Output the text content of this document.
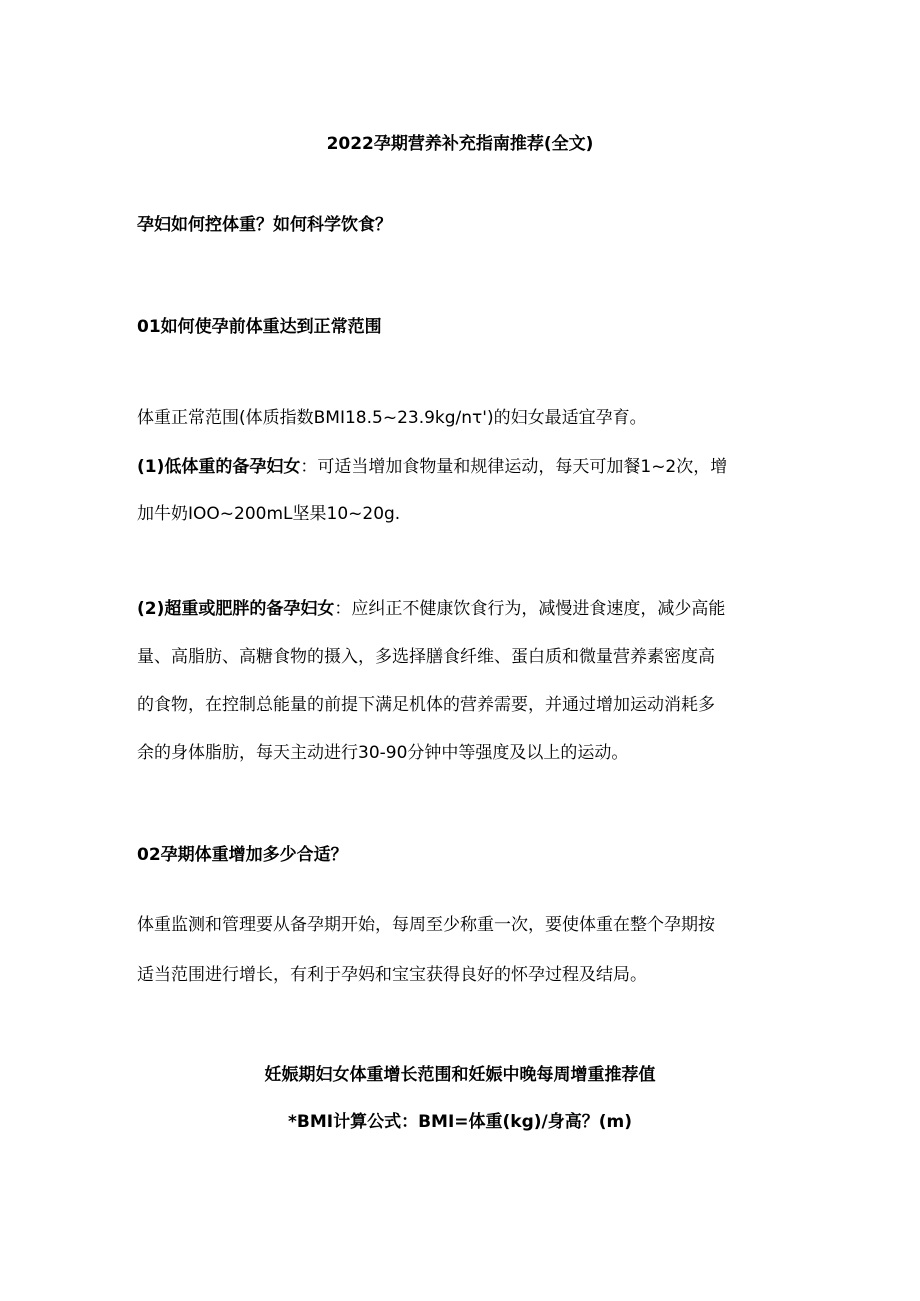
2022孕期营养补充指南推荐(全文)
孕妇如何控体重？如何科学饮食？
01如何使孕前体重达到正常范围
体重正常范围(体质指数BMI18.5~23.9kg∕nτ')的妇女最适宜孕育。
(1)低体重的备孕妇女：可适当增加食物量和规律运动，每天可加餐1~2次，增
加牛奶IOO~200mL坚果10~20g.
(2)超重或肥胖的备孕妇女：应纠正不健康饮食行为，减慢进食速度，减少高能
量、高脂肪、高糖食物的摄入，多选择膳食纤维、蛋白质和微量营养素密度高
的食物，在控制总能量的前提下满足机体的营养需要，并通过增加运动消耗多
余的身体脂肪，每天主动进行30-90分钟中等强度及以上的运动。
02孕期体重增加多少合适？
体重监测和管理要从备孕期开始，每周至少称重一次，要使体重在整个孕期按
适当范围进行增长，有利于孕妈和宝宝获得良好的怀孕过程及结局。
妊娠期妇女体重增长范围和妊娠中晚每周增重推荐值
*BMI计算公式：BMI=体重(kg)/身高？(m)
